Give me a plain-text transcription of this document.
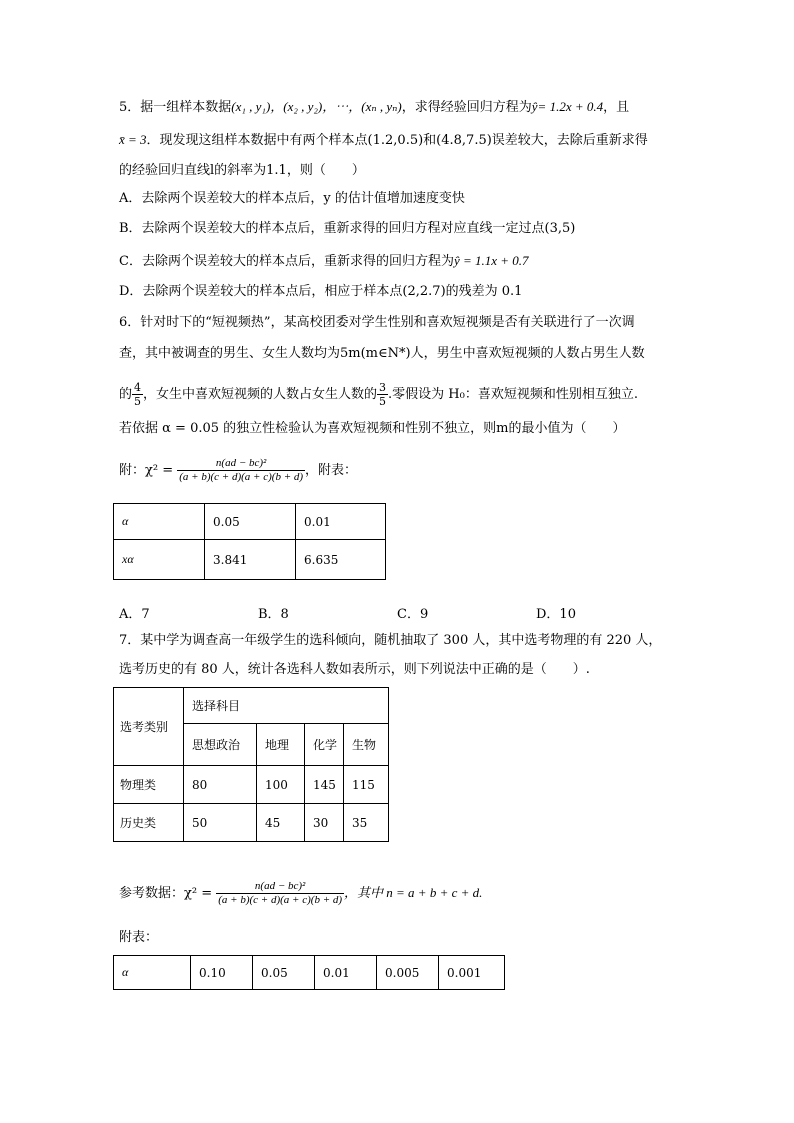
5．据一组样本数据(x₁ , y₁)，(x₂ , y₂)，⋯，(xₙ , yₙ)，求得经验回归方程为ŷ= 1.2x + 0.4，且
x̄ = 3．现发现这组样本数据中有两个样本点(1.2,0.5)和(4.8,7.5)误差较大，去除后重新求得
的经验回归直线l的斜率为1.1，则（　　）
A．去除两个误差较大的样本点后，y 的估计值增加速度变快
B．去除两个误差较大的样本点后，重新求得的回归方程对应直线一定过点(3,5)
C．去除两个误差较大的样本点后，重新求得的回归方程为ŷ = 1.1x + 0.7
D．去除两个误差较大的样本点后，相应于样本点(2,2.7)的残差为 0.1
6．针对时下的“短视频热”，某高校团委对学生性别和喜欢短视频是否有关联进行了一次调
查，其中被调查的男生、女生人数均为5m(m∈N*)人，男生中喜欢短视频的人数占男生人数
的 $\frac{4}{5}$ ，女生中喜欢短视频的人数占女生人数的 $\frac{3}{5}$ .零假设为 H₀：喜欢短视频和性别相互独立.
若依据 α = 0.05 的独立性检验认为喜欢短视频和性别不独立，则m的最小值为（　　）
附：$\chi^2 = \frac{\text{n(ad − bc)²}}{(a + b)(c + d)(a + c)(b + d)}$ ，附表：
α	0.05	0.01
xα	3.841	6.635
A．7	B．8	C．9	D．10
7．某中学为调查高一年级学生的选科倾向，随机抽取了 300 人，其中选考物理的有 220 人，
选考历史的有 80 人，统计各选科人数如表所示，则下列说法中正确的是（　　）.
选考类别	选择科目			
	思想政治	地理	化学	生物
物理类	80	100	145	115
历史类	50	45	30	35
参考数据：$\chi^2 = \frac{\text{n(ad − bc)²}}{(a + b)(c + d)(a + c)(b + d)}$ ，其中 n = a + b + c + d.
附表：
α	0.10	0.05	0.01	0.005	0.001
